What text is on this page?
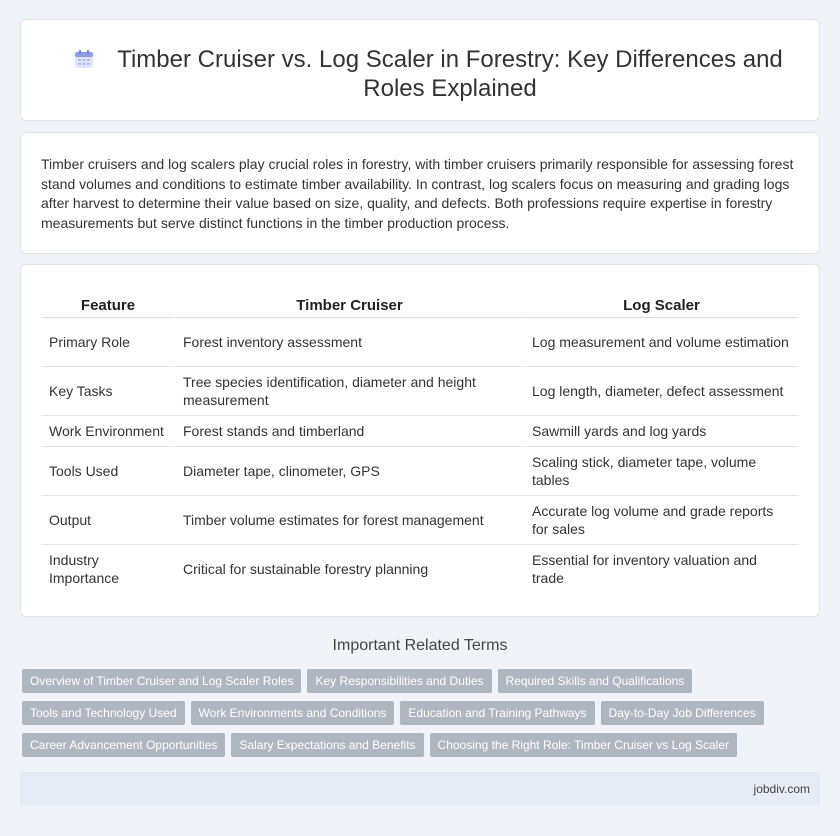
Timber Cruiser vs. Log Scaler in Forestry: Key Differences and Roles Explained

Timber cruisers and log scalers play crucial roles in forestry, with timber cruisers primarily responsible for assessing forest stand volumes and conditions to estimate timber availability. In contrast, log scalers focus on measuring and grading logs after harvest to determine their value based on size, quality, and defects. Both professions require expertise in forestry measurements but serve distinct functions in the timber production process.

Feature	Timber Cruiser	Log Scaler
Primary Role	Forest inventory assessment	Log measurement and volume estimation
Key Tasks	Tree species identification, diameter and height measurement	Log length, diameter, defect assessment
Work Environment	Forest stands and timberland	Sawmill yards and log yards
Tools Used	Diameter tape, clinometer, GPS	Scaling stick, diameter tape, volume tables
Output	Timber volume estimates for forest management	Accurate log volume and grade reports for sales
Industry Importance	Critical for sustainable forestry planning	Essential for inventory valuation and trade
Important Related Terms
Overview of Timber Cruiser and Log Scaler Roles Key Responsibilities and Duties Required Skills and Qualifications
Tools and Technology Used Work Environments and Conditions Education and Training Pathways Day-to-Day Job Differences
Career Advancement Opportunities Salary Expectations and Benefits Choosing the Right Role: Timber Cruiser vs Log Scaler
jobdiv.com
